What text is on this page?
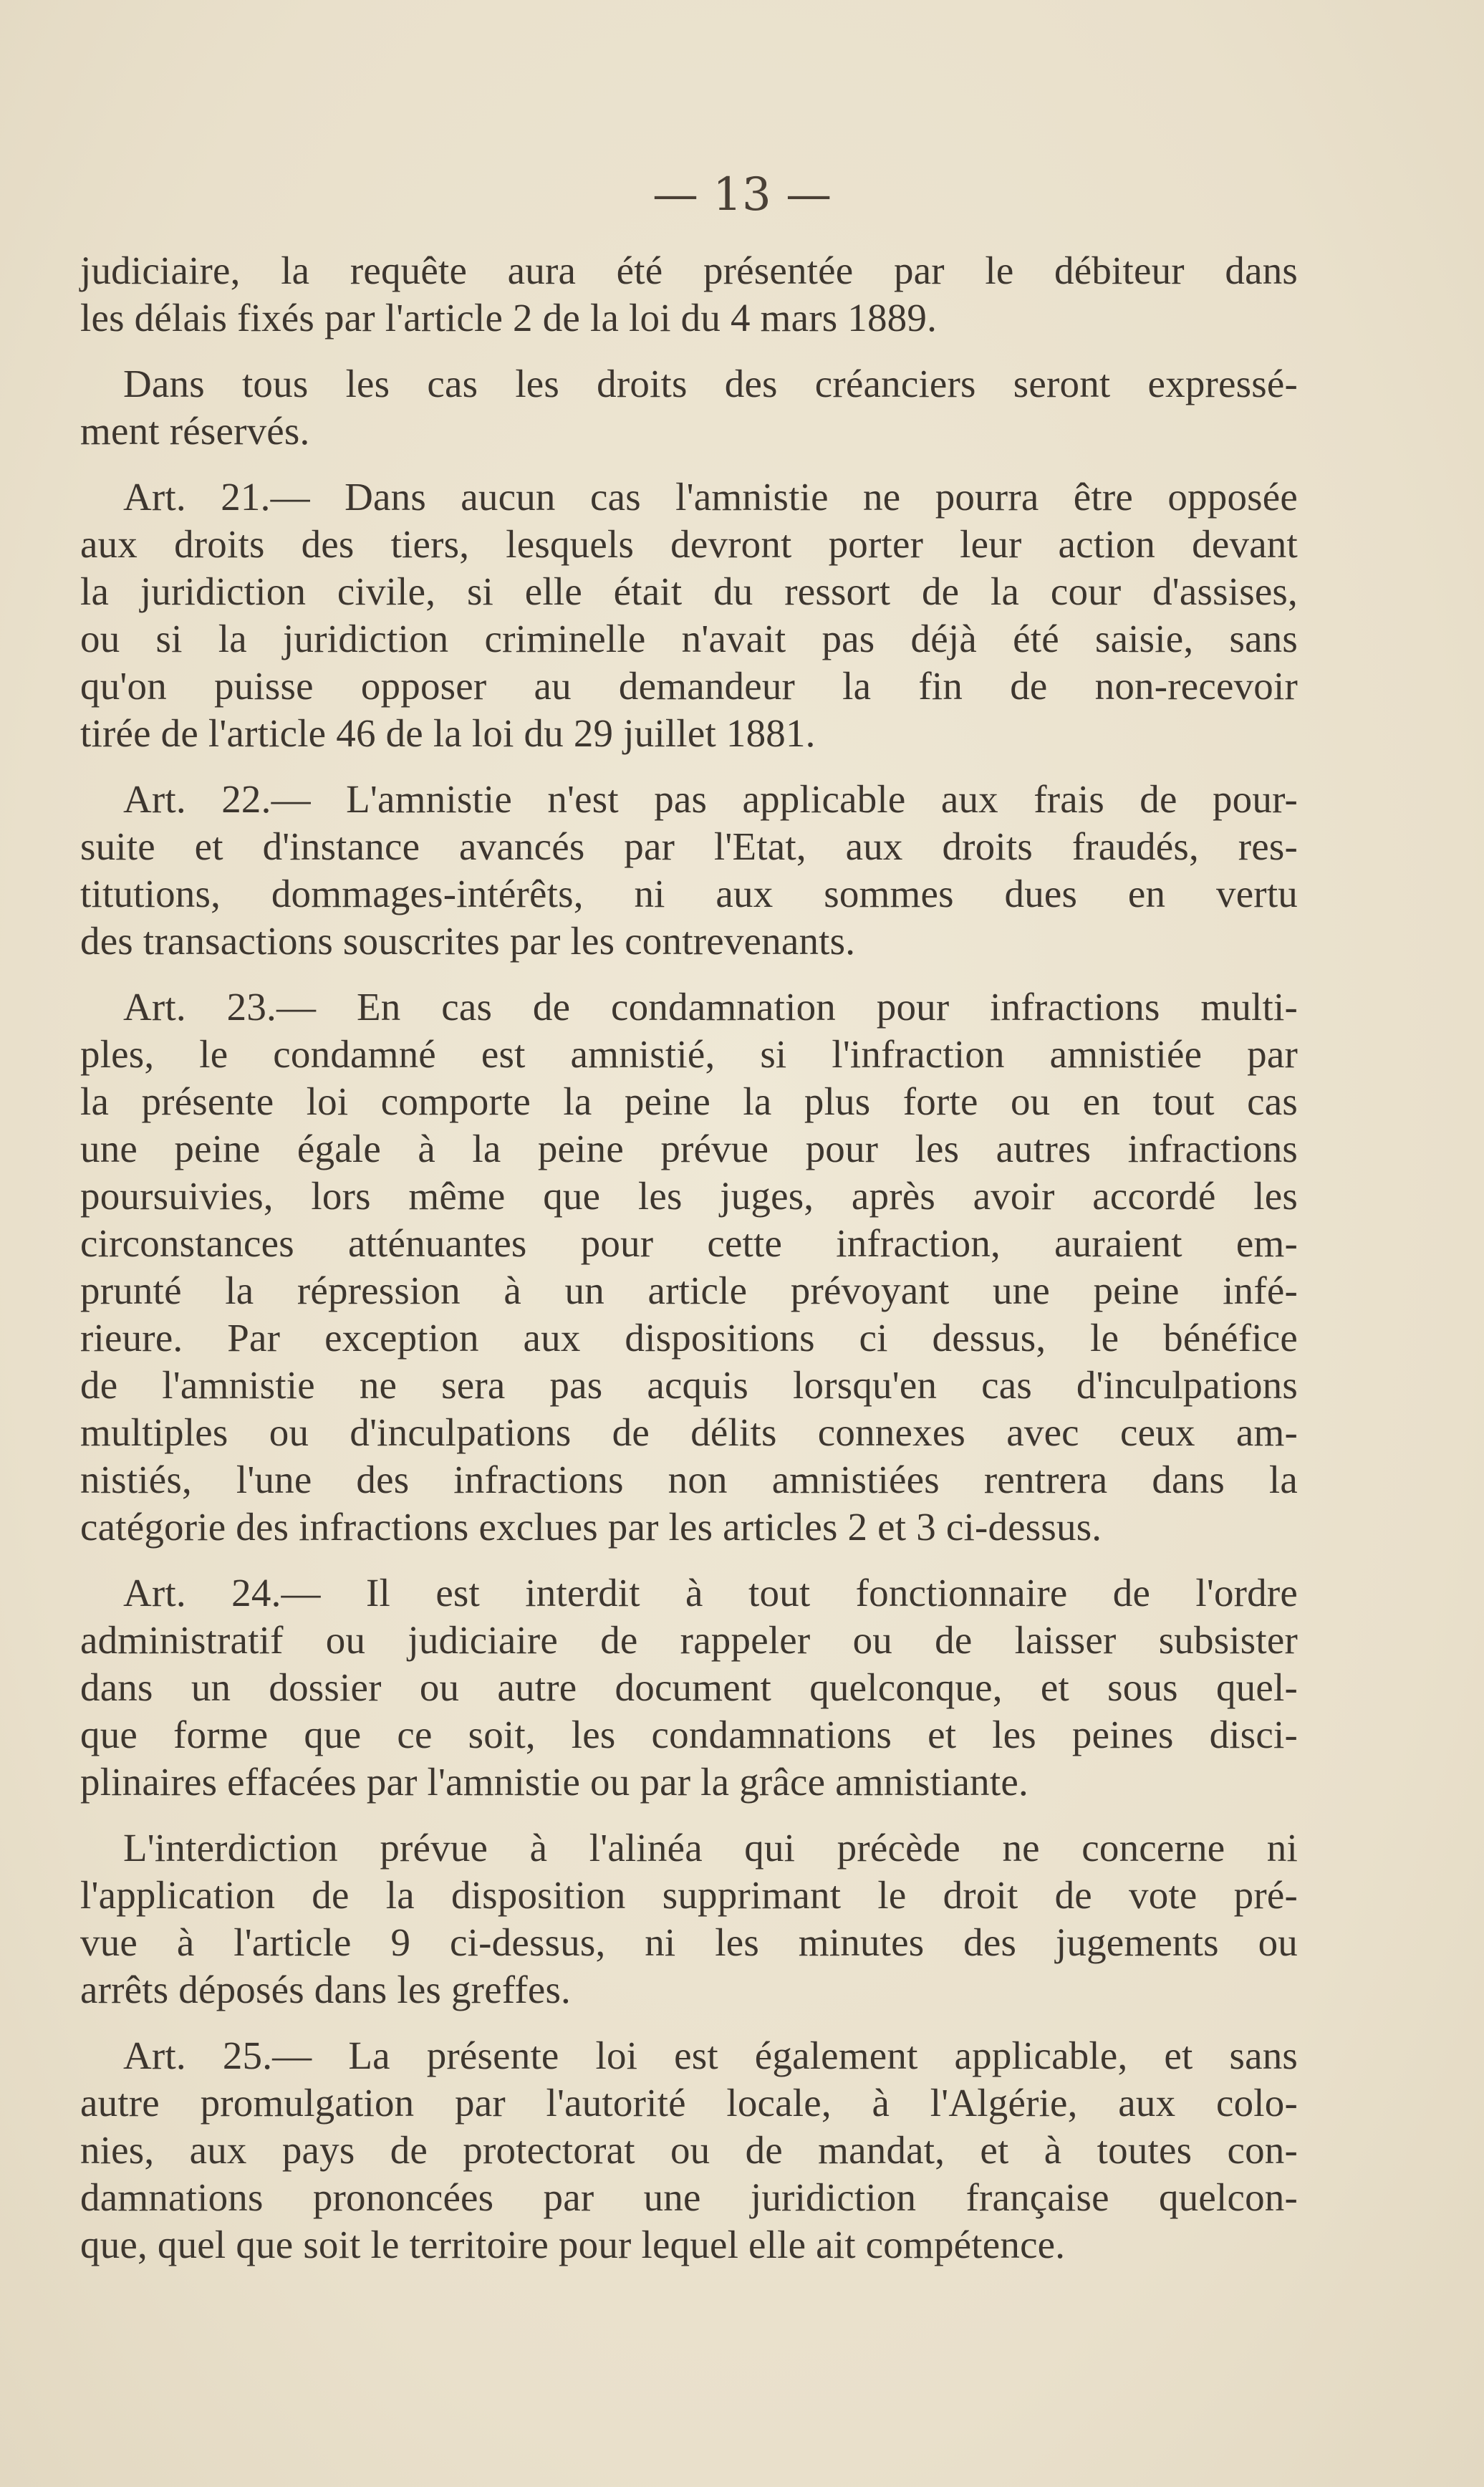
— 13 —
judiciaire, la requête aura été présentée par le débiteur dans
les délais fixés par l'article 2 de la loi du 4 mars 1889.
Dans tous les cas les droits des créanciers seront expressé-
ment réservés.
Art. 21.— Dans aucun cas l'amnistie ne pourra être opposée
aux droits des tiers, lesquels devront porter leur action devant
la juridiction civile, si elle était du ressort de la cour d'assises,
ou si la juridiction criminelle n'avait pas déjà été saisie, sans
qu'on puisse opposer au demandeur la fin de non-recevoir
tirée de l'article 46 de la loi du 29 juillet 1881.
Art. 22.— L'amnistie n'est pas applicable aux frais de pour-
suite et d'instance avancés par l'Etat, aux droits fraudés, res-
titutions, dommages-intérêts, ni aux sommes dues en vertu
des transactions souscrites par les contrevenants.
Art. 23.— En cas de condamnation pour infractions multi-
ples, le condamné est amnistié, si l'infraction amnistiée par
la présente loi comporte la peine la plus forte ou en tout cas
une peine égale à la peine prévue pour les autres infractions
poursuivies, lors même que les juges, après avoir accordé les
circonstances atténuantes pour cette infraction, auraient em-
prunté la répression à un article prévoyant une peine infé-
rieure. Par exception aux dispositions ci dessus, le bénéfice
de l'amnistie ne sera pas acquis lorsqu'en cas d'inculpations
multiples ou d'inculpations de délits connexes avec ceux am-
nistiés, l'une des infractions non amnistiées rentrera dans la
catégorie des infractions exclues par les articles 2 et 3 ci-dessus.
Art. 24.— Il est interdit à tout fonctionnaire de l'ordre
administratif ou judiciaire de rappeler ou de laisser subsister
dans un dossier ou autre document quelconque, et sous quel-
que forme que ce soit, les condamnations et les peines disci-
plinaires effacées par l'amnistie ou par la grâce amnistiante.
L'interdiction prévue à l'alinéa qui précède ne concerne ni
l'application de la disposition supprimant le droit de vote pré-
vue à l'article 9 ci-dessus, ni les minutes des jugements ou
arrêts déposés dans les greffes.
Art. 25.— La présente loi est également applicable, et sans
autre promulgation par l'autorité locale, à l'Algérie, aux colo-
nies, aux pays de protectorat ou de mandat, et à toutes con-
damnations prononcées par une juridiction française quelcon-
que, quel que soit le territoire pour lequel elle ait compétence.
